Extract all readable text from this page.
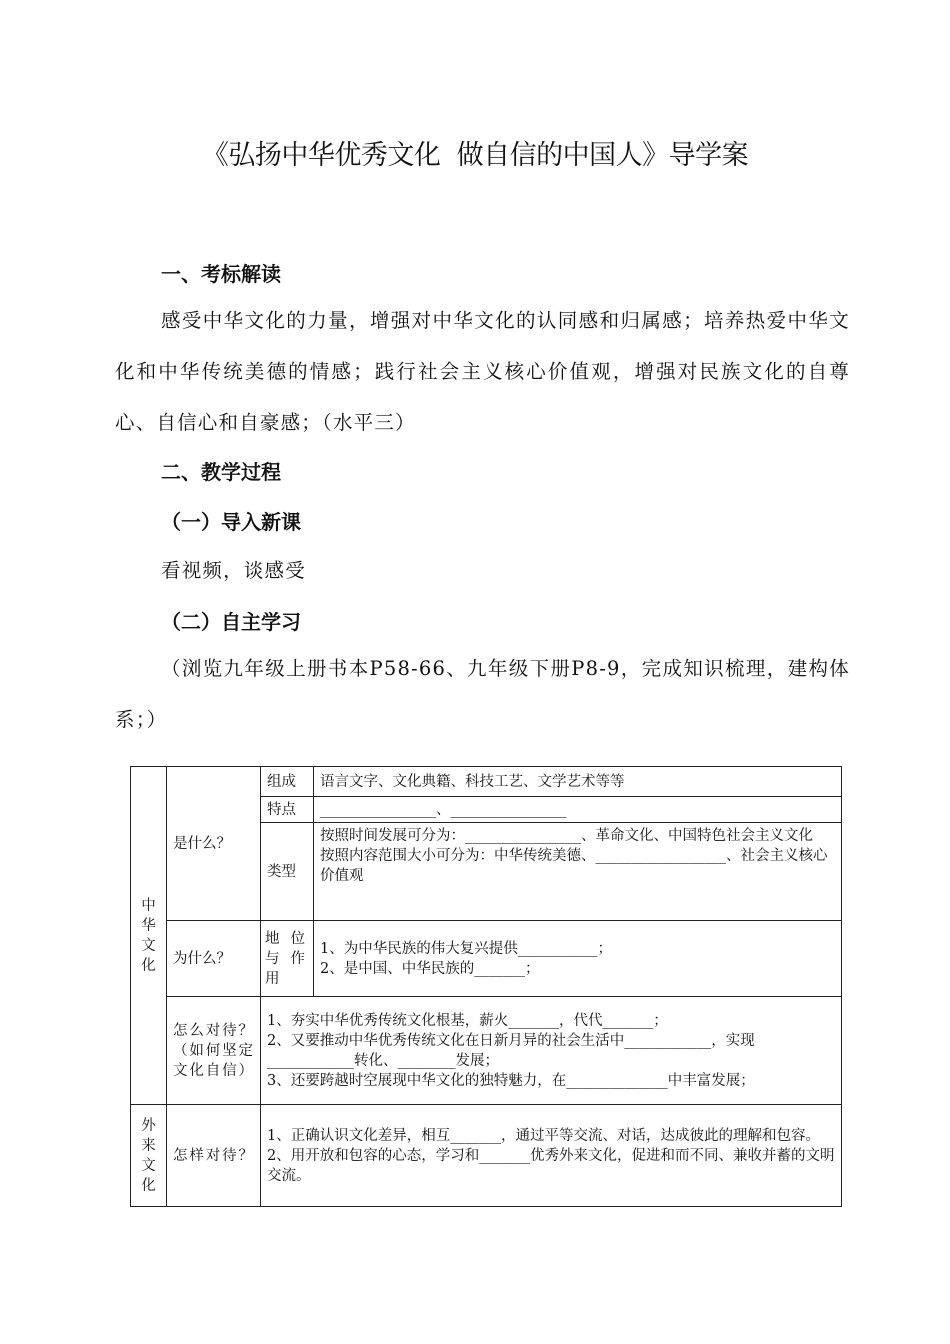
《弘扬中华优秀文化  做自信的中国人》导学案
一、考标解读
感受中华文化的力量，增强对中华文化的认同感和归属感；培养热爱中华文化和中华传统美德的情感；践行社会主义核心价值观，增强对民族文化的自尊心、自信心和自豪感；（水平三）
二、教学过程
（一）导入新课
看视频，谈感受
（二）自主学习
（浏览九年级上册书本P58-66、九年级下册P8-9，完成知识梳理，建构体系；）
中华文化	是什么？	组成	语言文字、文化典籍、科技工艺、文学艺术等等
		特点	________________、________________
		类型	按照时间发展可分为：________________、革命文化、中国特色社会主义文化
按照内容范围大小可分为：中华传统美德、__________________、社会主义核心价值观
	为什么？	地位与作用	1、为中华民族的伟大复兴提供___________；
2、是中国、中华民族的_______；

	怎么对待？（如何坚定文化自信）	1、夯实中华优秀传统文化根基，薪火_______，代代_______；
2、又要推动中华优秀传统文化在日新月异的社会生活中____________，实现____________转化、________发展；
3、还要跨越时空展现中华文化的独特魅力，在______________中丰富发展；	

外来文化	怎样对待？	1、正确认识文化差异，相互_______，通过平等交流、对话，达成彼此的理解和包容。
2、用开放和包容的心态，学习和_______优秀外来文化，促进和而不同、兼收并蓄的文明交流。	
